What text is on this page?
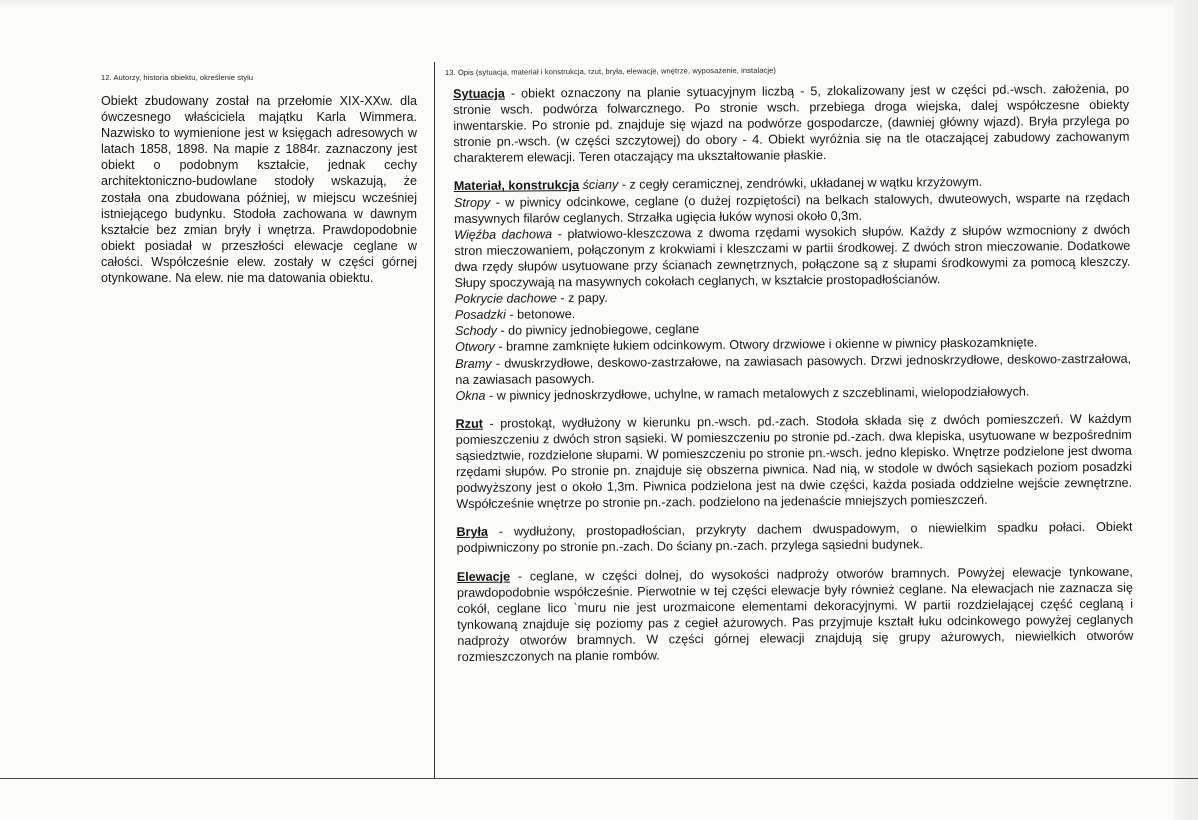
12. Autorzy, historia obiektu, określenie stylu
Obiekt zbudowany został na przełomie XIX-XXw. dla ówczesnego właściciela majątku Karla Wimmera. Nazwisko to wymienione jest w księgach adresowych w latach 1858, 1898. Na mapie z 1884r. zaznaczony jest obiekt o podobnym kształcie, jednak cechy architektoniczno-budowlane stodoły wskazują, że została ona zbudowana później, w miejscu wcześniej istniejącego budynku. Stodoła zachowana w dawnym kształcie bez zmian bryły i wnętrza. Prawdopodobnie obiekt posiadał w przeszłości elewacje ceglane w całości. Współcześnie elew. zostały w części górnej otynkowane. Na elew. nie ma datowania obiektu.
13. Opis (sytuacja, materiał i konstrukcja, rzut, bryła, elewacje, wnętrze, wyposażenie, instalacje)
Sytuacja - obiekt oznaczony na planie sytuacyjnym liczbą - 5, zlokalizowany jest w części pd.-wsch. założenia, po stronie wsch. podwórza folwarcznego. Po stronie wsch. przebiega droga wiejska, dalej współczesne obiekty inwentarskie. Po stronie pd. znajduje się wjazd na podwórze gospodarcze, (dawniej główny wjazd). Bryła przylega po stronie pn.-wsch. (w części szczytowej) do obory - 4. Obiekt wyróżnia się na tle otaczającej zabudowy zachowanym charakterem elewacji. Teren otaczający ma ukształtowanie płaskie.
Materiał, konstrukcja ściany - z cegły ceramicznej, zendrówki, układanej w wątku krzyżowym.
Stropy - w piwnicy odcinkowe, ceglane (o dużej rozpiętości) na belkach stalowych, dwuteowych, wsparte na rzędach masywnych filarów ceglanych. Strzałka ugięcia łuków wynosi około 0,3m.
Więźba dachowa - płatwiowo-kleszczowa z dwoma rzędami wysokich słupów. Każdy z słupów wzmocniony z dwóch stron mieczowaniem, połączonym z krokwiami i kleszczami w partii środkowej. Z dwóch stron mieczowanie. Dodatkowe dwa rzędy słupów usytuowane przy ścianach zewnętrznych, połączone są z słupami środkowymi za pomocą kleszczy. Słupy spoczywają na masywnych cokołach ceglanych, w kształcie prostopadłościanów.
Pokrycie dachowe - z papy.
Posadzki - betonowe.
Schody - do piwnicy jednobiegowe, ceglane
Otwory - bramne zamknięte łukiem odcinkowym. Otwory drzwiowe i okienne w piwnicy płaskozamknięte.
Bramy - dwuskrzydłowe, deskowo-zastrzałowe, na zawiasach pasowych. Drzwi jednoskrzydłowe, deskowo-zastrzałowa, na zawiasach pasowych.
Okna - w piwnicy jednoskrzydłowe, uchylne, w ramach metalowych z szczeblinami, wielopodziałowych.
Rzut - prostokąt, wydłużony w kierunku pn.-wsch. pd.-zach. Stodoła składa się z dwóch pomieszczeń. W każdym pomieszczeniu z dwóch stron sąsieki. W pomieszczeniu po stronie pd.-zach. dwa klepiska, usytuowane w bezpośrednim sąsiedztwie, rozdzielone słupami. W pomieszczeniu po stronie pn.-wsch. jedno klepisko. Wnętrze podzielone jest dwoma rzędami słupów. Po stronie pn. znajduje się obszerna piwnica. Nad nią, w stodole w dwóch sąsiekach poziom posadzki podwyższony jest o około 1,3m. Piwnica podzielona jest na dwie części, każda posiada oddzielne wejście zewnętrzne. Współcześnie wnętrze po stronie pn.-zach. podzielono na jedenaście mniejszych pomieszczeń.
Bryła - wydłużony, prostopadłościan, przykryty dachem dwuspadowym, o niewielkim spadku połaci. Obiekt podpiwniczony po stronie pn.-zach. Do ściany pn.-zach. przylega sąsiedni budynek.
Elewacje - ceglane, w części dolnej, do wysokości nadproży otworów bramnych. Powyżej elewacje tynkowane, prawdopodobnie współcześnie. Pierwotnie w tej części elewacje były również ceglane. Na elewacjach nie zaznacza się cokół, ceglane lico `muru nie jest urozmaicone elementami dekoracyjnymi. W partii rozdzielającej część ceglaną i tynkowaną znajduje się poziomy pas z cegieł ażurowych. Pas przyjmuje kształt łuku odcinkowego powyżej ceglanych nadproży otworów bramnych. W części górnej elewacji znajdują się grupy ażurowych, niewielkich otworów rozmieszczonych na planie rombów.
